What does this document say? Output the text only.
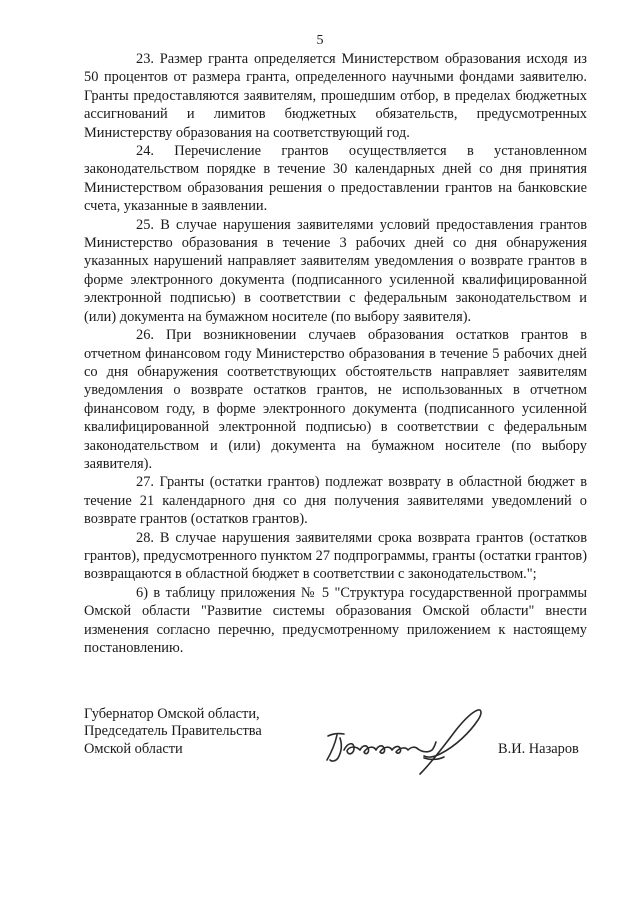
5

23. Размер гранта определяется Министерством образования исходя из 50 процентов от размера гранта, определенного научными фондами заявителю. Гранты предоставляются заявителям, прошедшим отбор, в пределах бюджетных ассигнований и лимитов бюджетных обязательств, предусмотренных Министерству образования на соответствующий год.

24. Перечисление грантов осуществляется в установленном законодательством порядке в течение 30 календарных дней со дня принятия Министерством образования решения о предоставлении грантов на банковские счета, указанные в заявлении.

25. В случае нарушения заявителями условий предоставления грантов Министерство образования в течение 3 рабочих дней со дня обнаружения указанных нарушений направляет заявителям уведомления о возврате грантов в форме электронного документа (подписанного усиленной квалифицированной электронной подписью) в соответствии с федеральным законодательством и (или) документа на бумажном носителе (по выбору заявителя).

26. При возникновении случаев образования остатков грантов в отчетном финансовом году Министерство образования в течение 5 рабочих дней со дня обнаружения соответствующих обстоятельств направляет заявителям уведомления о возврате остатков грантов, не использованных в отчетном финансовом году, в форме электронного документа (подписанного усиленной квалифицированной электронной подписью) в соответствии с федеральным законодательством и (или) документа на бумажном носителе (по выбору заявителя).

27. Гранты (остатки грантов) подлежат возврату в областной бюджет в течение 21 календарного дня со дня получения заявителями уведомлений о возврате грантов (остатков грантов).

28. В случае нарушения заявителями срока возврата грантов (остатков грантов), предусмотренного пунктом 27 подпрограммы, гранты (остатки грантов) возвращаются в областной бюджет в соответствии с законодательством.";

6) в таблицу приложения № 5 "Структура государственной программы Омской области "Развитие системы образования Омской области" внести изменения согласно перечню, предусмотренному приложением к настоящему постановлению.

Губернатор Омской области,
Председатель Правительства
Омской области	В.И. Назаров
